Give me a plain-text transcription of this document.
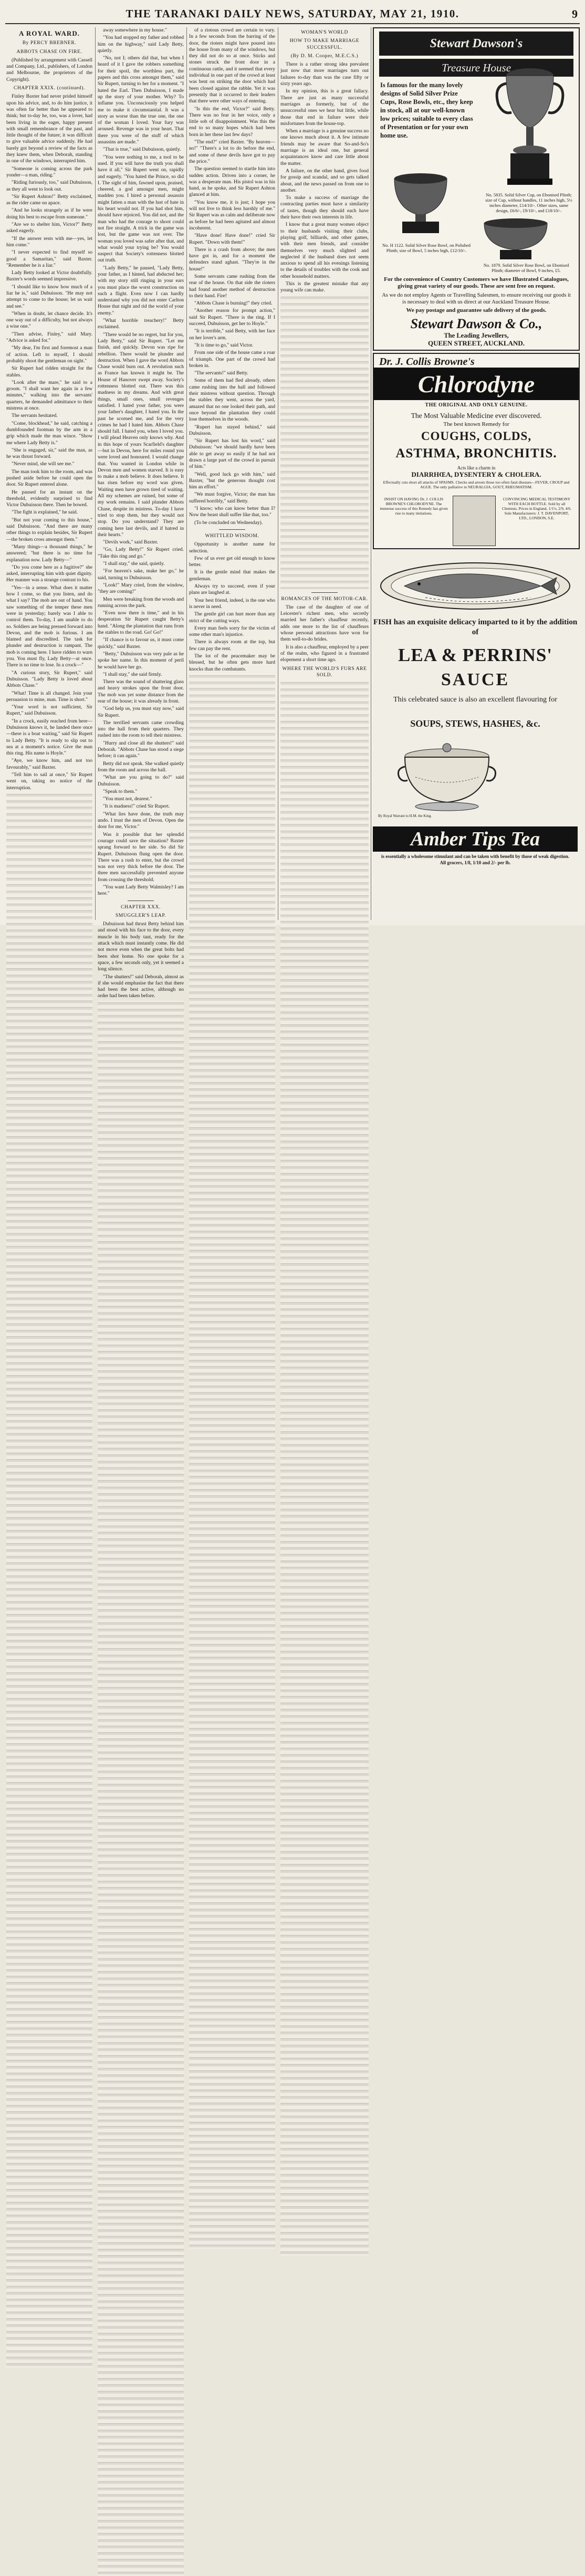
THE TARANAKI DAILY NEWS, SATURDAY, MAY 21, 1910.	9
A ROYAL WARD.

By PERCY BREBNER.

ABBOTS CHASE ON FIRE.

(Published by arrangement with Cassell and Company, Ltd., publishers, of London and Melbourne, the proprietors of the Copyright).

CHAPTER XXIX. (continued).

Finley Baxter had never prided himself upon his advice, and, to do him justice, it was often far better than he appeared to think; but to-day he, too, was a lover, had been living in the eager, happy present with small remembrance of the past, and little thought of the future; it was difficult to give valuable advice suddenly. He had barely got beyond a review of the facts as they knew them, when Deborah, standing in one of the windows, interrupted him.

"Someone is coming across the park yonder—a man, riding."

"Riding furiously, too," said Dubuisson, as they all went to look out.

"Sir Rupert Ashton!" Betty exclaimed, as the rider came on apace.

"And he looks strangely as if he were doing his best to escape from someone."

"Are we to shelter him, Victor?" Betty asked eagerly.

"If the answer rests with me—yes, let him come."

"I never expected to find myself so good a Samaritan," said Baxter. "Remember he is a liar."

Lady Betty looked at Victor doubtfully. Baxter's words seemed impressive.

"I should like to know how much of a liar he is," said Dubuisson. "He may not attempt to come to the house; let us wait and see."

"When in doubt, let chance decide. It's one way out of a difficulty, but not always a wise one."

"Then advise, Finley," said Mary. "Advice is asked for."

"My dear, I'm first and foremost a man of action. Left to myself, I should probably shoot the gentleman on sight."

Sir Rupert had ridden straight for the stables.

"Look after the mare," he said to a groom. "I shall want her again in a few minutes," walking into the servants' quarters, he demanded admittance to their mistress at once.

The servants hesitated.

"Come, blockhead," he said, catching a dumbfounded footman by the arm in a grip which made the man wince. "Show me where Lady Betty is."

"She is engaged, sir," said the man, as he was thrust forward.

"Never mind, she will see me."

The man took him to the room, and was pushed aside before he could open the door. Sir Rupert entered alone.

He paused for an instant on the threshold, evidently surprised to find Victor Dubuisson there. Then he bowed.

"The fight is explained," he said.

"But not your coming to this house," said Dubuisson. "And there are many other things to explain besides, Sir Rupert—the broken cross amongst them."

"Many things—a thousand things," he answered; "but there is no time for explanation now. Lady Betty—"

"Do you come here as a fugitive?" she asked, interrupting him with quiet dignity. Her manner was a strange contrast to his.

"Yes—in a sense. What does it matter how I come, so that you listen, and do what I say? The mob are out of hand. You saw something of the temper these men were in yesterday; barely was I able to control them. To-day, I am unable to do so. Soldiers are being pressed forward into Devon, and the mob is furious. I am blamed and discredited. The task for plunder and destruction is rampant. The mob is coming here. I have ridden to warn you. You must fly, Lady Betty—at once. There is no time to lose. In a crock—"

"A curious story, Sir Rupert," said Dubuisson. "Lady Betty is loved about Abbots Chase."

"What! Time is all changed. Join your persuasion to mine, man. Time is short."

"Your word is not sufficient, Sir Rupert," said Dubuisson.

"In a crock, easily reached from here—Dubuisson knows it, he landed there once—there is a boat waiting," said Sir Rupert to Lady Betty. "It is ready to slip out to sea at a moment's notice. Give the man this ring. His name is Hoyle."

"Aye, we know him, and not too favourably," said Baxter.

"Tell him to sail at once," Sir Rupert went on, taking no notice of the interruption.

away somewhere in my house."

"You had stopped my father and robbed him on the highway," said Lady Betty, quietly.

"No, not I; others did that, but when I heard of it I gave the robbers something for their spoil, the worthless part, the papers and this cross amongst them," said Sir Rupert, turning to her for a moment. "I hated the Earl. Then Dubuisson, I made up the story of your mother. Why? To inflame you. Unconsciously you helped me to make it circumstantial. It was a story as worse than the true one, the one of the woman I loved. Your fury was aroused. Revenge was in your heart. That there you were of the stuff of which assassins are made."

"That is true," said Dubuisson, quietly.

"You were nothing to me, a tool to be used. If you will have the truth you shall have it all," Sir Rupert went on, rapidly and eagerly. "You hated the Prince, so did I. The sight of him, fawned upon, praised, cheered, a god amongst men, might madden you. I hired a personal assassin might fatten a man with the lust of hate in his heart would not. If you had shot him, should have rejoiced. You did not, and the man who had the courage to shoot could not fire straight. A trick in the game was lost, but the game was not over. The woman you loved was safer after that, and what would your trying be? You would suspect that Society's rottenness blotted out truth.

"Lady Betty," he paused, "Lady Betty, your father, as I hinted, had abducted her; with my story still ringing in your ears you must place the worst construction on such a flight. Even now I can hardly understand why you did not enter Carlton House that night and rid the world of your enemy."

"What horrible treachery!" Betty exclaimed.

"There would be no regret, but for you, Lady Betty," said Sir Rupert. "Let me finish, and quickly. Devon was ripe for rebellion. There would be plunder and destruction. When I gave the word Abbots Chase would burn out. A revolution such as France has known it might be. The House of Hanover swept away. Society's rottenness blotted out. There was this madness in my dreams. And with great things, small ones, small revenges satisfied. I hated your father, you were your father's daughter, I hated you. In the past he scorned me, and for the very crimes he had I hated him. Abbots Chase should fall. I hated you, when I loved you. I will plead Heaven only knows why. And in this hope of yours Scarfield's daughter—but in Devon, here for miles round you were loved and honoured. I would change that. You wanted in London while in Devon men and women starved. It is easy to make a mob believe. It does believe. It has risen before my word was given. Waiting men have grown tired of waiting. All my schemes are ruined, but some of my work remains. I said plunder Abbots Chase, despite its mistress. To-day I have tried to stop them, but they would not stop. Do you understand? They are coming here last devils, and if hatred in their hearts."

"Devils work," said Baxter.

"Go, Lady Betty!" Sir Rupert cried. "Take this ring and go."

"I shall stay," she said, quietly.

"For heaven's sake, make her go," he said, turning to Dubuisson.

"Look!" Mary cried, from the window, "they are coming!"

Men were breaking from the woods and running across the park.

"Even now there is time," and in his desperation Sir Rupert caught Betty's hand. "Along the plantation that runs from the stables to the road. Go! Go!"

"If chance is to favour us, it must come quickly," said Baxter.

"Betty," Dubuisson was very pale as he spoke her name. In this moment of peril he would have her go.

"I shall stay," she said firmly.

There was the sound of shattering glass and heavy strokes upon the front door. The mob was yet some distance from the rear of the house; it was already in front.

"God help us, you must stay now," said Sir Rupert.

The terrified servants came crowding into the hall from their quarters. They rushed into the room to tell their mistress.

"Hurry and close all the shutters!" said Deborah. "Abbots Chase has stood a siege before; it can again."

Betty did not speak. She walked quietly from the room and across the hall.

"What are you going to do?" said Dubuisson.

"Speak to them."

"You must not, dearest."

"It is madness!" cried Sir Rupert.

"What lies have done, the truth may undo. I trust the men of Devon. Open the door for me, Victor."

Was it possible that her splendid courage could save the situation? Baxter sprang forward to her side. So did Sir Rupert. Dubuisson flung open the door. There was a rush to enter, but the crowd was not very thick before the door. The three men successfully prevented anyone from crossing the threshold.

"You want Lady Betty Walmisley? I am here."

CHAPTER XXX.

SMUGGLER'S LEAP.

Dubuisson had thrust Betty behind him and stood with his face to the door, every muscle in his body taut, ready for the attack which must instantly come. He did not move even when the great bolts had been shot home. No one spoke for a space, a few seconds only, yet it seemed a long silence.

"The shutters!" said Deborah, almost as if she would emphasise the fact that there had been the best active, although no order had been taken before.

of a riotous crowd are certain to vary. In a few seconds from the barring of the door, the rioters might have poured into the house from many of the windows, but they did not do so at once. Sticks and stones struck the front door in a continuous rattle, and it seemed that every individual in one part of the crowd at least was bent on striking the door which had been closed against the rabble. Yet it was presently that it occurred to their leaders that there were other ways of entering.

"Is this the end, Victor?" said Betty. There was no fear in her voice, only a little sob of disappointment. Was this the end to so many hopes which had been born in her these last few days?

"The end?" cried Baxter. "By heaven—no!" "There's a lot to do before the end, and some of these devils have got to pay the price."

The question seemed to startle him into sudden action. Driven into a corner, he was a desperate man. His pistol was in his hand, as he spoke, and Sir Rupert Ashton glanced at him.

"You know me, it is just; I hope you will not live to think less harshly of me." Sir Rupert was as calm and deliberate now as before he had been agitated and almost incoherent.

"Have done! Have done!" cried Sir Rupert. "Down with them!"

There is a crash from above; the men have got in, and for a moment the defenders stand aghast. "They're in the house!"

Some servants came rushing from the rear of the house. On that side the rioters had found another method of destruction to their hand. Fire!

"Abbots Chase is burning!" they cried.

"Another reason for prompt action," said Sir Rupert. "There is the ring. If I succeed, Dubuisson, get her to Hoyle."

"It is terrible," said Betty, with her face on her lover's arm.

"It is time to go," said Victor.

From one side of the house came a roar of triumph. One part of the crowd had broken in.

"The servants!" said Betty.

Some of them had fled already, others came rushing into the hall and followed their mistress without question. Through the stables they went, across the yard, amazed that no one looked their path, and once beyond the plantation they could lose themselves in the woods.

"Rupert has stayed behind," said Dubuisson.

"Sir Rupert has lost his word," said Dubuisson: "we should hardly have been able to get away so easily if he had not drawn a large part of the crowd in pursuit of him."

"Well, good luck go with him," said Baxter, "but the generous thought cost him an effort."

"We must forgive, Victor; the man has suffered horribly," said Betty.

"I know; who can know better than I? Now the beast shall suffer like that, too."

(To be concluded on Wednesday).

WHITTLED WISDOM.

Opportunity is another name for selection.

Few of us ever get old enough to know better.

It is the gentle mind that makes the gentleman.

Always try to succeed, even if your plans are laughed at.

Your best friend, indeed, is the one who is never in need.

The gentle girl can hurt more than any strict of the cutting ways.

Every man feels sorry for the victim of some other man's injustice.

There is always room at the top, but few can pay the rent.

The lot of the peacemaker may be blessed, but he often gets more hard knocks than the combatants.

WOMAN'S WORLD

HOW TO MAKE MARRIAGE SUCCESSFUL.

(By D. M. Cooper, M.E.C.S.)

There is a rather strong idea prevalent just now that more marriages turn out failures to-day than was the case fifty or sixty years ago.

In my opinion, this is a great fallacy. There are just as many successful marriages as formerly, but of the unsuccessful ones we hear but little, while those that end in failure were their misfortunes from the house-top.

When a marriage is a genuine success no one knows much about it. A few intimate friends may be aware that So-and-So's marriage is an ideal one, but general acquaintances know and care little about the matter.

A failure, on the other hand, gives food for gossip and scandal, and so gets talked about, and the news passed on from one to another.

To make a success of marriage the contracting parties must have a similarity of tastes, though they should each have their have their own interests in life.

I know that a great many women object to their husbands visiting their clubs, playing golf, billiards, and other games, with their men friends, and consider themselves very much slighted and neglected if the husband does not seem anxious to spend all his evenings listening to the details of troubles with the cook and other household matters.

This is the greatest mistake that any young wife can make.

ROMANCES OF THE MOTOR-CAR.

The case of the daughter of one of Leicester's richest men, who secretly married her father's chauffeur recently, adds one more to the list of chauffeurs whose personal attractions have won for them well-to-do brides.

It is also a chauffeur, employed by a peer of the realm, who figured in a frustrated elopement a short time ago.

WHERE THE WORLD'S FURS ARE SOLD.

Stewart Dawson's
Treasure House
Is famous for the many lovely designs of Solid Silver Prize Cups, Rose Bowls, etc., they keep in stock, all at our well-known low prices; suitable to every class of Presentation or for your own home use.
No. 5835. Solid Silver Cup, on Ebonised Plinth; size of Cup, without handles, 11 inches high, 5½ inches diameter, £14/10/-. Other sizes, same design, £6/6/-, £9/10/-, and £18/10/-.
No. H 1122. Solid Silver Rose Bowl, on Polished Plinth; size of Bowl, 5 inches high, £12/10/-.
No. 1879. Solid Silver Rose Bowl, on Ebonised Plinth; diameter of Bowl, 9 inches, £5.
For the convenience of Country Customers we have Illustrated Catalogues, giving great variety of our goods. These are sent free on request.
As we do not employ Agents or Travelling Salesmen, to ensure receiving our goods it is necessary to deal with us direct at our Auckland Treasure House.
We pay postage and guarantee safe delivery of the goods.
Stewart Dawson & Co.,
The Leading Jewellers,
QUEEN STREET, AUCKLAND.
Dr. J. Collis Browne's
Chlorodyne
THE ORIGINAL AND ONLY GENUINE.
The Most Valuable Medicine ever discovered.
The best known Remedy for
COUGHS, COLDS,
ASTHMA, BRONCHITIS.
Acts like a charm in
DIARRHŒA, DYSENTERY & CHOLERA.
Effectually cuts short all attacks of SPASMS. Checks and arrests those too often fatal diseases—FEVER, CROUP and AGUE. The only palliative in NEURALGIA, GOUT, RHEUMATISM.
INSIST ON HAVING Dr. J. COLLIS BROWNE'S CHLORODYNE. The immense success of this Remedy has given rise to many imitations.
CONVINCING MEDICAL TESTIMONY WITH EACH BOTTLE. Sold by all Chemists. Prices in England, 1/1½, 2/9, 4/6. Sole Manufacturers: J. T. DAVENPORT, LTD., LONDON, S.E.
FISH has an exquisite delicacy imparted to it by the addition of
LEA & PERRINS'
SAUCE
This celebrated sauce is also an excellent flavouring for
SOUPS, STEWS, HASHES, &c.
By Royal Warrant to H.M. the King.
Amber Tips Tea
is essentially a wholesome stimulant and can be taken with benefit by those of weak digestion.
All grocers, 1/8, 1/10 and 2/- per lb.
